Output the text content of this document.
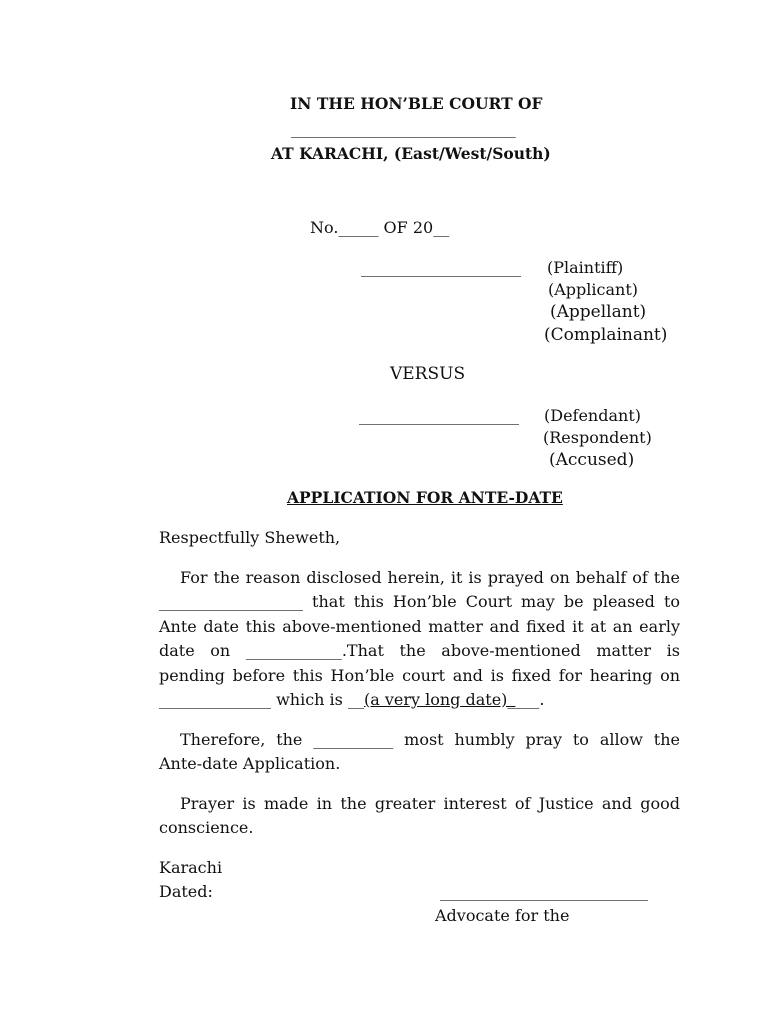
IN THE HON’BLE COURT OF
_____________________________
AT KARACHI, (East/West/South)
No._____ OF 20__
____________________ (Plaintiff)
(Applicant)
(Appellant)
(Complainant)
VERSUS
____________________ (Defendant)
(Respondent)
(Accused)
APPLICATION FOR ANTE-DATE
Respectfully Sheweth,
For the reason disclosed herein, it is prayed on behalf of the __________________ that this Hon’ble Court may be pleased to Ante date this above-mentioned matter and fixed it at an early date on ____________.That the above-mentioned matter is pending before this Hon’ble court and is fixed for hearing on ______________ which is __(a very long date)____.
Therefore, the __________ most humbly pray to allow the Ante-date Application.
Prayer is made in the greater interest of Justice and good conscience.
Karachi
Dated:	__________________________
Advocate for the
